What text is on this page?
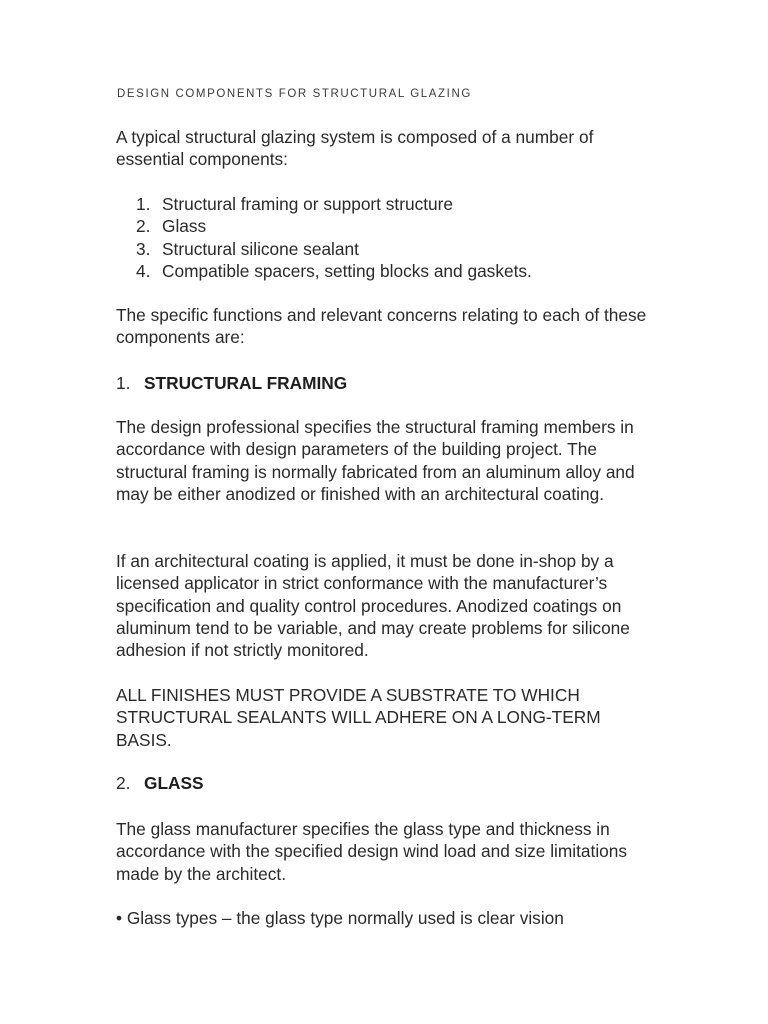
DESIGN COMPONENTS FOR STRUCTURAL GLAZING

A typical structural glazing system is composed of a number of essential components:

1. Structural framing or support structure
2. Glass
3. Structural silicone sealant
4. Compatible spacers, setting blocks and gaskets.

The specific functions and relevant concerns relating to each of these components are:

1. STRUCTURAL FRAMING

The design professional specifies the structural framing members in accordance with design parameters of the building project. The structural framing is normally fabricated from an aluminum alloy and may be either anodized or finished with an architectural coating.

If an architectural coating is applied, it must be done in-shop by a licensed applicator in strict conformance with the manufacturer’s specification and quality control procedures. Anodized coatings on aluminum tend to be variable, and may create problems for silicone adhesion if not strictly monitored.

ALL FINISHES MUST PROVIDE A SUBSTRATE TO WHICH STRUCTURAL SEALANTS WILL ADHERE ON A LONG-TERM BASIS.

2. GLASS

The glass manufacturer specifies the glass type and thickness in accordance with the specified design wind load and size limitations made by the architect.

• Glass types – the glass type normally used is clear vision
